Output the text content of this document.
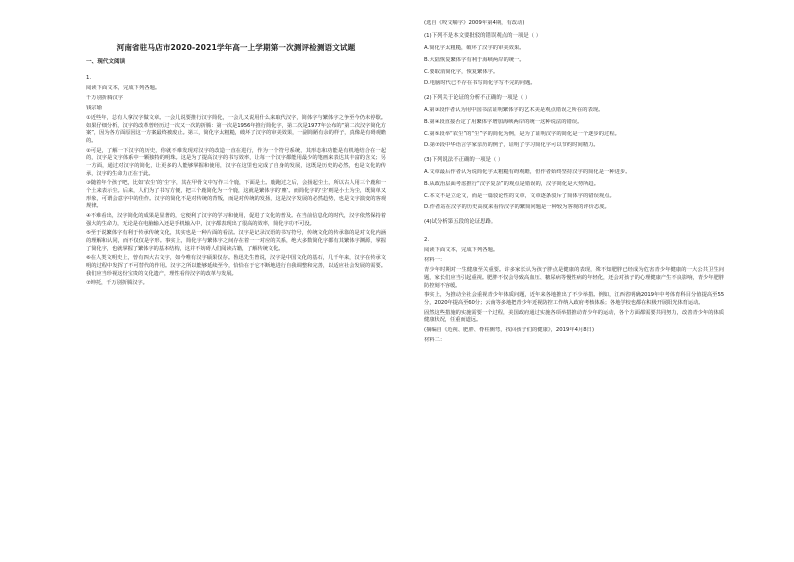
河南省驻马店市2020-2021学年高一上学期第一次测评检测语文试题
一、现代文阅读
1.
阅读下面文本，完成下列各题。
千万别折腾汉字
钱宗瑜
①近些年，总有人拿汉字做文章。一会儿说要推行汉字简化，一会儿又说用什么来取代汉字，简体字与繁体字之争至今仍未停歇。如果仔细分析，汉字的改革曾经历过一次又一次的折腾：第一次是1956年推行简化字，第二次是1977年公布的“第二次汉字简化方案”，因为各方面原因这一方案最终被废止。第三，简化字太粗糙，破坏了汉字的审美效果，一副简陋有余的样子，真像是有碍观瞻的。
②可是，了解一下汉字的历史，你就不难发现对汉字的改造一直在进行，作为一个符号系统，其形态和功能是有机地结合在一起的，汉字是文字体系中一颗独特的明珠。这是为了提高汉字的书写效率，让每一个汉字都能用最少的笔画来表达其丰富的含义；另一方面，通过对汉字的简化，让更多的人能够掌握和使用，汉字在这里也完成了自身的发展，这既是历史的必然，也是文化的传承，汉字的生命力正在于此。
③随着年个孩子吧，比如‘农尘’的‘尘’字，其在甲骨文中写作三个鹿，下面是土。鹿跑过之后，会扬起尘土，所以古人用三个鹿和一个土来表示尘。后来，人们为了书写方便，把三个鹿简化为一个鹿，这就是繁体字的‘塵’。而简化字的‘尘’则是小土为尘，既简单又形象，可谓会意字中的佳作。汉字的简化不是对传统的背叛，而是对传统的发扬，这是汉字发展的必然趋势，也是文字演变的客观规律。
④不难看出，汉字简化的成果是显著的，它便利了汉字的学习和使用，促进了文化的普及。在当前信息化的时代，汉字依然保持着强大的生命力，无论是在电脑输入还是手机输入中，汉字都表现出了很高的效率，简化字功不可没。
⑤至于说繁体字有利于传承传统文化，其实也是一种片面的看法。汉字是记录汉语的书写符号，传统文化的传承靠的是对文化内涵的理解和认同，而不仅仅是字形。事实上，简化字与繁体字之间存在着一一对应的关系，绝大多数简化字都有其繁体字渊源，掌握了简化字，也就掌握了繁体字的基本结构，这并不妨碍人们阅读古籍，了解传统文化。
⑥在人类文明史上，曾有四大古文字，如今唯有汉字硕果仅存。鲁迅先生曾说，汉字是中国文化的基石，几千年来，汉字在传承文明的过程中发挥了不可替代的作用。汉字之所以能够延续至今，恰恰在于它不断地进行自我调整和完善，以适应社会发展的需要。我们应当珍视这份宝贵的文化遗产，理性看待汉字的改革与发展。
⑦坤托，千万别折腾汉字。
(选自《咬文嚼字》2009年第4期，有改动)
(1)下列不是本文要批驳的错误观点的一项是（ ）
A.简化字太粗糙，破坏了汉字的审美效果。
B.大陆恢复繁体字有利于海峡两岸的统一。
C.要取消简化字，恢复繁体字。
D.电脑时代已不存在书写简化字写不完的问题。
(2)下列关于论证的分析不正确的一项是（ ）
A.第③段作者认为用中国书法证明繁体字的艺术美是观点错误之所在的表现。
B.第④段直接否定了用繁体字增加海峡两岸的统一这种说法的错误。
C.第⑤段举“农尘”的“尘”字的简化为例，是为了证明汉字的简化是一个逐步的过程。
D.第⑦段中华语言学家亲历的例子，证明了学习简化字可以节约时间精力。
(3)下列说法不正确的一项是（ ）
A.文章最后作者认为说简化字太粗糙有碍观瞻，但作者始终坚持汉字的简化是一种进步。
B.从政治层面考虑推行“汉字复杂”的观点是错误的，汉字简化是大势所趋。
C.本文不是立论文，而是一篇驳论性的文章，文章逐条驳斥了简体字的错误观点。
D.作者站在汉字的历史高度来看待汉字的繁简问题是一种较为客观的评价态度。
(4)试分析第五段的论证思路。
2.
阅读下面文本，完成下列各题。
材料一：
青少年时期对一生健康至关重要。许多家长认为孩子胖点是健康的表现，殊不知肥胖已经成为危害青少年健康的一大公共卫生问题，家长们应当引起重视。肥胖不仅会导致高血压、糖尿病等慢性病的年轻化，还会对孩子的心理健康产生不良影响，青少年肥胖防控刻不容缓。
事实上，为推动全社会重视青少年体质问题，近年来各地推出了不少举措。例如，江西省明确2019年中考体育科目分值提高至55分，2020年提高至60分；云南等多地把青少年近视防控工作纳入政府考核体系；各地学校也都在积极开展阳光体育运动。
固然这些措施的实施需要一个过程，美国政府通过实施各项举措推动青少年的运动，各个方面都需要共同努力，改善青少年的体质健康状况，任重而道远。
(摘编自《近视、肥胖、脊柱侧弯，找回孩子们的健康》，2019年4月8日)
材料二：
